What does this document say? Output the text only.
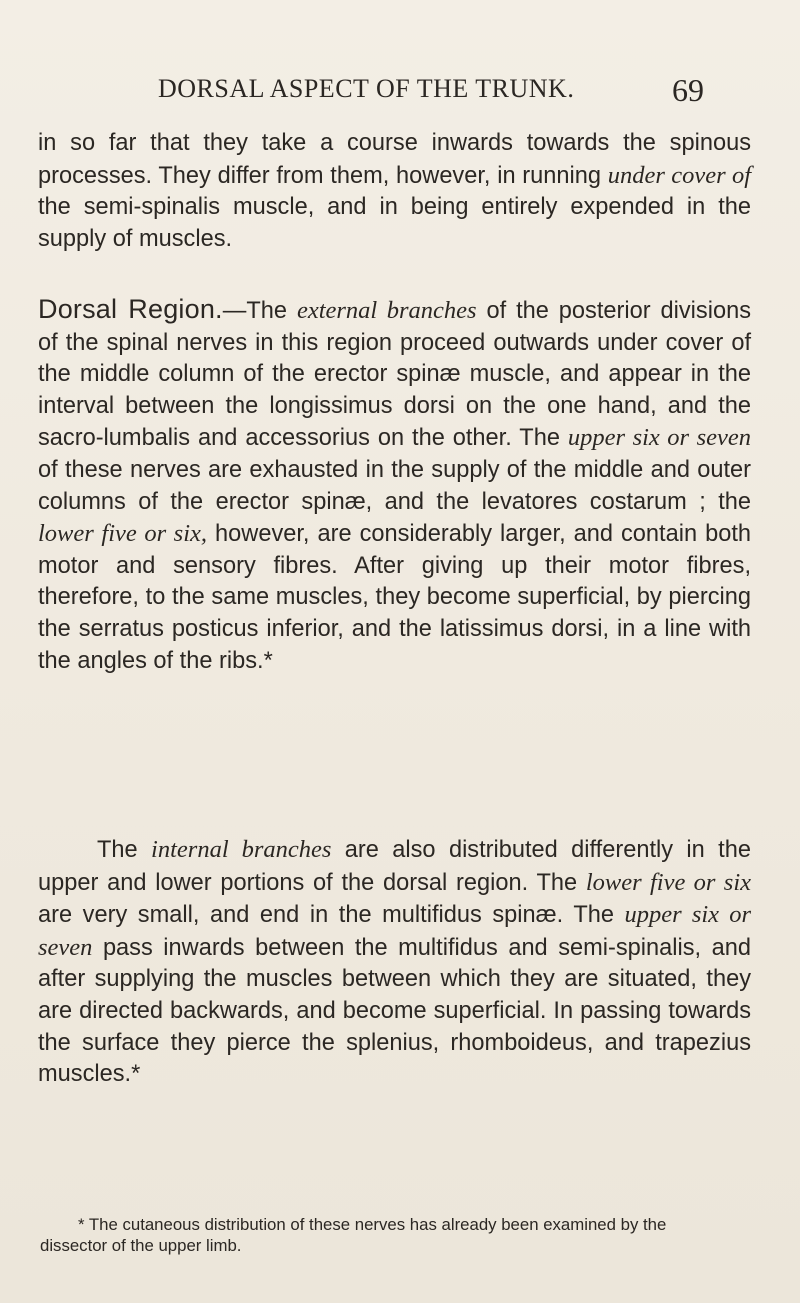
DORSAL ASPECT OF THE TRUNK.	69

in so far that they take a course inwards towards the spinous processes. They differ from them, however, in running under cover of the semi-spinalis muscle, and in being entirely expended in the supply of muscles.

Dorsal Region.—The external branches of the posterior divisions of the spinal nerves in this region proceed outwards under cover of the middle column of the erector spinæ muscle, and appear in the interval between the longissimus dorsi on the one hand, and the sacro-lumbalis and accessorius on the other. The upper six or seven of these nerves are exhausted in the supply of the middle and outer columns of the erector spinæ, and the levatores costarum ; the lower five or six, however, are considerably larger, and contain both motor and sensory fibres. After giving up their motor fibres, therefore, to the same muscles, they become superficial, by piercing the serratus posticus inferior, and the latissimus dorsi, in a line with the angles of the ribs.*

The internal branches are also distributed differently in the upper and lower portions of the dorsal region. The lower five or six are very small, and end in the multifidus spinæ. The upper six or seven pass inwards between the multifidus and semi-spinalis, and after supplying the muscles between which they are situated, they are directed backwards, and become superficial. In passing towards the surface they pierce the splenius, rhomboideus, and trapezius muscles.*

* The cutaneous distribution of these nerves has already been examined by the dissector of the upper limb.
